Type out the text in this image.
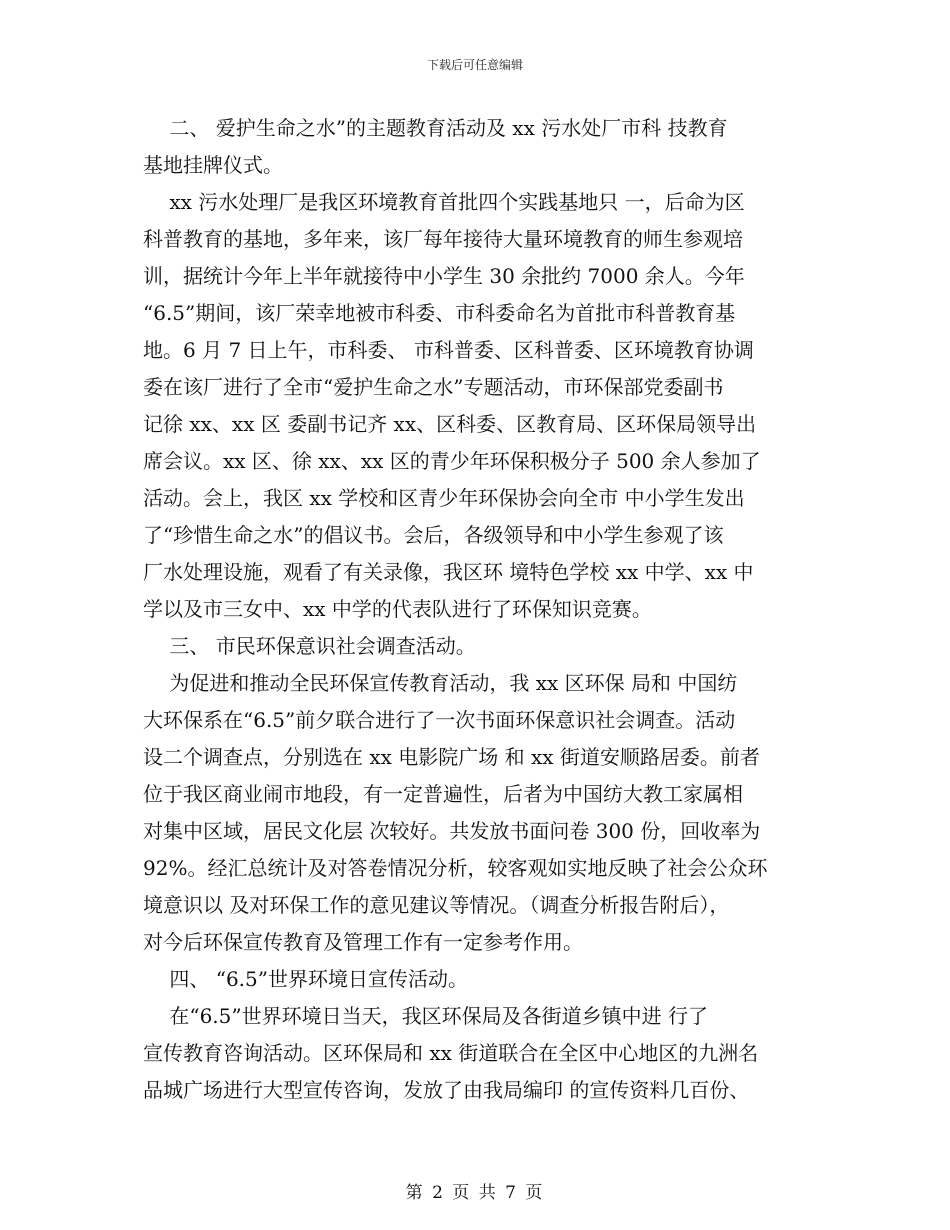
下载后可任意编辑
　 二、 爱护生命之水”的主题教育活动及 xx 污水处厂市科 技教育
基地挂牌仪式。
　 xx 污水处理厂是我区环境教育首批四个实践基地只 一，后命为区
科普教育的基地，多年来，该厂每年接待大量环境教育的师生参观培
训，据统计今年上半年就接待中小学生 30 余批约 7000 余人。今年
“6.5”期间，该厂荣幸地被市科委、市科委命名为首批市科普教育基
地。6 月 7 日上午，市科委、 市科普委、区科普委、区环境教育协调
委在该厂进行了全市“爱护生命之水”专题活动，市环保部党委副书
记徐 xx、xx 区 委副书记齐 xx、区科委、区教育局、区环保局领导出
席会议。xx 区、徐 xx、xx 区的青少年环保积极分子 500 余人参加了
活动。会上，我区 xx 学校和区青少年环保协会向全市 中小学生发出
了“珍惜生命之水”的倡议书。会后，各级领导和中小学生参观了该
厂水处理设施，观看了有关录像，我区环 境特色学校 xx 中学、xx 中
学以及市三女中、xx 中学的代表队进行了环保知识竞赛。
　 三、 市民环保意识社会调查活动。
　 为促进和推动全民环保宣传教育活动，我 xx 区环保 局和 中国纺
大环保系在“6.5”前夕联合进行了一次书面环保意识社会调查。活动
设二个调查点，分别选在 xx 电影院广场 和 xx 街道安顺路居委。前者
位于我区商业闹市地段，有一定普遍性，后者为中国纺大教工家属相
对集中区域，居民文化层 次较好。共发放书面问卷 300 份，回收率为
92%。经汇总统计及对答卷情况分析，较客观如实地反映了社会公众环
境意识以 及对环保工作的意见建议等情况。（调查分析报告附后），
对今后环保宣传教育及管理工作有一定参考作用。
　 四、 “6.5”世界环境日宣传活动。
　 在“6.5”世界环境日当天，我区环保局及各街道乡镇中进 行了
宣传教育咨询活动。区环保局和 xx 街道联合在全区中心地区的九洲名
品城广场进行大型宣传咨询，发放了由我局编印 的宣传资料几百份、
第 2 页 共 7 页
